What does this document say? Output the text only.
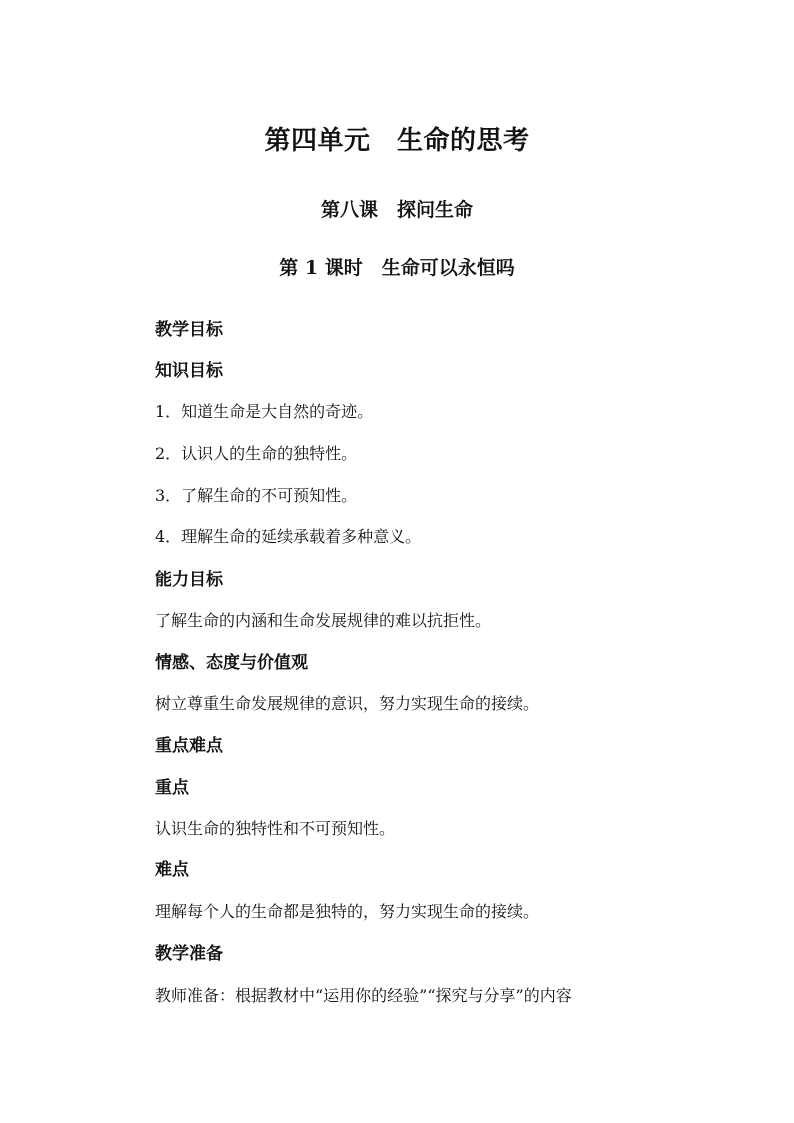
第四单元　生命的思考
第八课　探问生命
第 1 课时　生命可以永恒吗

教学目标

知识目标

1．知道生命是大自然的奇迹。

2．认识人的生命的独特性。

3．了解生命的不可预知性。

4．理解生命的延续承载着多种意义。

能力目标

了解生命的内涵和生命发展规律的难以抗拒性。

情感、态度与价值观

树立尊重生命发展规律的意识，努力实现生命的接续。

重点难点

重点

认识生命的独特性和不可预知性。

难点

理解每个人的生命都是独特的，努力实现生命的接续。

教学准备

教师准备：根据教材中“运用你的经验”“探究与分享”的内容
